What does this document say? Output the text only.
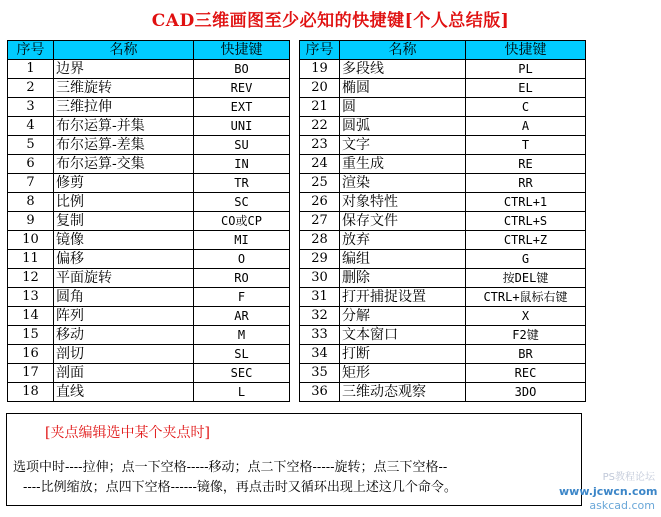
CAD三维画图至少必知的快捷键[个人总结版]
序号	名称	快捷键
1	边界	BO
2	三维旋转	REV
3	三维拉伸	EXT
4	布尔运算-并集	UNI
5	布尔运算-差集	SU
6	布尔运算-交集	IN
7	修剪	TR
8	比例	SC
9	复制	CO或CP
10	镜像	MI
11	偏移	O
12	平面旋转	RO
13	圆角	F
14	阵列	AR
15	移动	M
16	剖切	SL
17	剖面	SEC
18	直线	L
序号	名称	快捷键
19	多段线	PL
20	椭圆	EL
21	圆	C
22	圆弧	A
23	文字	T
24	重生成	RE
25	渲染	RR
26	对象特性	CTRL+1
27	保存文件	CTRL+S
28	放弃	CTRL+Z
29	编组	G
30	删除	按DEL键
31	打开捕捉设置	CTRL+鼠标右键
32	分解	X
33	文本窗口	F2键
34	打断	BR
35	矩形	REC
36	三维动态观察	3DO
[夹点编辑选中某个夹点时]
选项中时----拉伸；点一下空格-----移动；点二下空格-----旋转；点三下空格--
----比例缩放；点四下空格------镜像，再点击时又循环出现上述这几个命令。
PS教程论坛
www.jcwcn.com
askcad.com
